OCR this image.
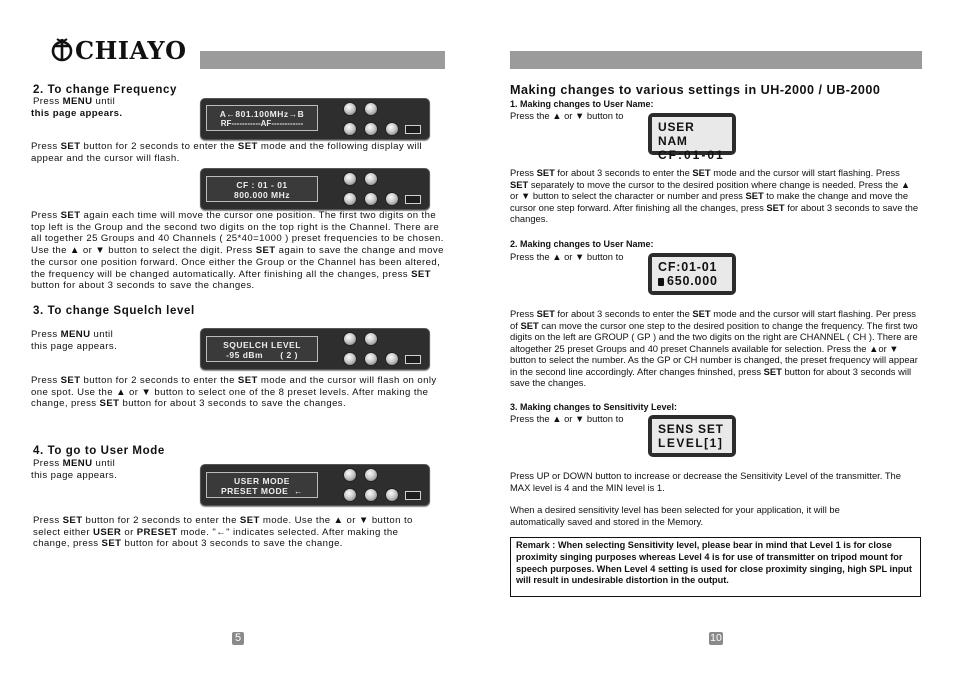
CHIAYO
2. To change Frequency
Press MENU until
this page appears.	A←801.100MHz→B
RF-----------AF------------
Press SET button for 2 seconds to enter the SET mode and the following display will appear and the cursor will flash.
CF : 01 - 01
800.000 MHz
Press SET again each time will move the cursor one position. The first two digits on the top left is the Group and the second two digits on the top right is the Channel. There are all together 25 Groups and 40 Channels ( 25*40=1000 ) preset frequencies to be chosen. Use the ▲ or ▼ button to select the digit. Press SET again to save the change and move the cursor one position forward. Once either the Group or the Channel has been altered, the frequency will be changed automatically. After finishing all the changes, press SET button for about 3 seconds to save the changes.
3. To change Squelch level
Press MENU until
this page appears.	SQUELCH LEVEL
-95 dBm      ( 2 )
Press SET button for 2 seconds to enter the SET mode and the cursor will flash on only one spot. Use the ▲ or ▼ button to select one of the 8 preset levels. After making the change, press SET button for about 3 seconds to save the changes.
4. To go to User Mode
Press MENU until
this page appears.	USER MODE
PRESET MODE  ←
Press SET button for 2 seconds to enter the SET mode. Use the ▲ or ▼ button to select either USER or PRESET mode. "←" indicates selected. After making the change, press SET button for about 3 seconds to save the change.
5
Making changes to various settings in UH-2000 / UB-2000
1. Making changes to User Name:
Press the ▲ or ▼ button to
USER NAM
CF:01-01
Press SET for about 3 seconds to enter the SET mode and the cursor will start flashing. Press SET separately to move the cursor to the desired position where change is needed. Press the ▲ or ▼ button to select the character or number and press SET to make the change and move the cursor one step forward. After finishing all the changes, press SET for about 3 seconds to save the changes.
2. Making changes to User Name:
Press the ▲ or ▼ button to
CF:01-01
650.000
Press SET for about 3 seconds to enter the SET mode and the cursor will start flashing. Per press of SET can move the cursor one step to the desired position to change the frequency. The first two digits on the left are GROUP ( GP ) and the two digits on the right are CHANNEL ( CH ). There are altogether 25 preset Groups and 40 preset Channels available for selection. Press the ▲or ▼ button to select the number. As the GP or CH number is changed, the preset frequency will appear in the second line accordingly. After changes fninshed, press SET button for about 3 seconds will save the changes.
3. Making changes to Sensitivity Level:
Press the ▲ or ▼ button to
SENS SET
LEVEL[1]
Press UP or DOWN button to increase or decrease the Sensitivity Level of the transmitter. The MAX level is 4 and the MIN level is 1.
When a desired sensitivity level has been selected for your application, it will be automatically saved and stored in the Memory.
Remark : When selecting Sensitivity level, please bear in mind that Level 1 is for close proximity singing purposes whereas Level 4 is for use of transmitter on tripod mount for speech purposes. When Level 4 setting is used for close proximity singing, high SPL input will result in undesirable distortion in the output.
10
